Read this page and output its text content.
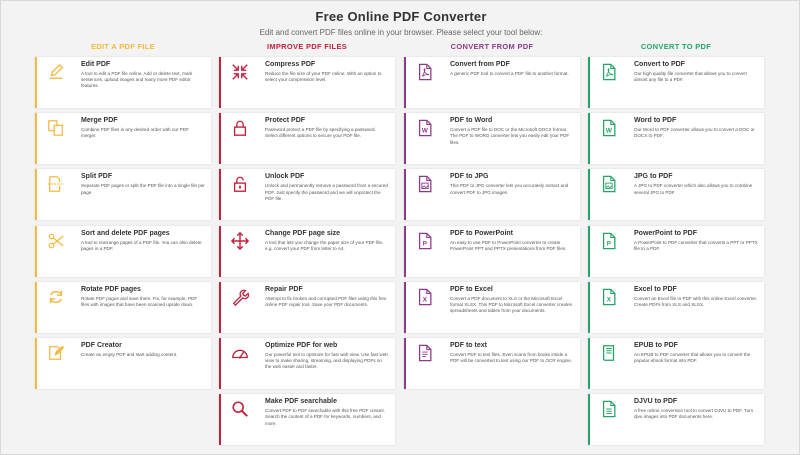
Free Online PDF Converter
Edit and convert PDF files online in your browser. Please select your tool below:
EDIT A PDF FILE
Edit PDF
A tool to edit a PDF file online. Add or delete text, mark sentences, upload images and many more PDF editor features.
Merge PDF
Combine PDF files in any desired order with our PDF merger.
Split PDF
Separate PDF pages or split the PDF file into a single file per page.
Sort and delete PDF pages
A tool to rearrange pages of a PDF file. You can also delete pages in a PDF.
Rotate PDF pages
Rotate PDF pages and save them. Fix, for example, PDF files with images that have been scanned upside down.
PDF Creator
Create an empty PDF and start adding content.
IMPROVE PDF FILES
Compress PDF
Reduce the file size of your PDF online. With an option to select your compression level.
Protect PDF
Password protect a PDF file by specifying a password. Select different options to secure your PDF file.
Unlock PDF
Unlock and permanently remove a password from a secured PDF. Just specify the password and we will unprotect the PDF file.
Change PDF page size
A tool that lets you change the paper size of your PDF file, e.g. convert your PDF from letter to A4.
Repair PDF
Attempt to fix broken and corrupted PDF files using this free online PDF repair tool. Save your PDF documents.
Optimize PDF for web
Our powerful tool to optimize for fast web view. Use fast web view to make sharing, streaming, and displaying PDFs on the web easier and faster.
Make PDF searchable
Convert PDF to PDF searchable with this free PDF creator. Search the content of a PDF for keywords, numbers, and more.
CONVERT FROM PDF
Convert from PDF
A generic PDF tool to convert a PDF file to another format.
W
PDF to Word
Convert a PDF file to DOC or the Microsoft DOCX format. The PDF to WORD converter lets you easily edit your PDF files.
PDF to JPG
This PDF to JPG converter lets you accurately extract and convert PDF to JPG images.
P
PDF to PowerPoint
An easy to use PDF to PowerPoint converter to create PowerPoint PPT and PPTX presentations from PDF files.
X
PDF to Excel
Convert a PDF document to XLS or the Microsoft Excel format XLSX. This PDF to Microsoft Excel converter creates spreadsheets and tables from your documents.
PDF to text
Convert PDF to text files. Even scans from books inside a PDF will be converted to text using our PDF to OCR engine.
CONVERT TO PDF
Convert to PDF
Our high quality file converter that allows you to convert almost any file to a PDF.
W
Word to PDF
Our Word to PDF converter allows you to convert a DOC or DOCX to PDF.
JPG to PDF
A JPG to PDF converter which also allows you to combine several JPG to PDF.
P
PowerPoint to PDF
A PowerPoint to PDF converter that converts a PPT or PPTX file to a PDF.
X
Excel to PDF
Convert an Excel file to PDF with this online Excel converter. Create PDFs from XLS and XLSX.
EPUB to PDF
An EPUB to PDF converter that allows you to convert the popular ebook format into PDF.
DJVU to PDF
A free online conversion tool to convert DJVU to PDF. Turn djvu images into PDF documents here.
